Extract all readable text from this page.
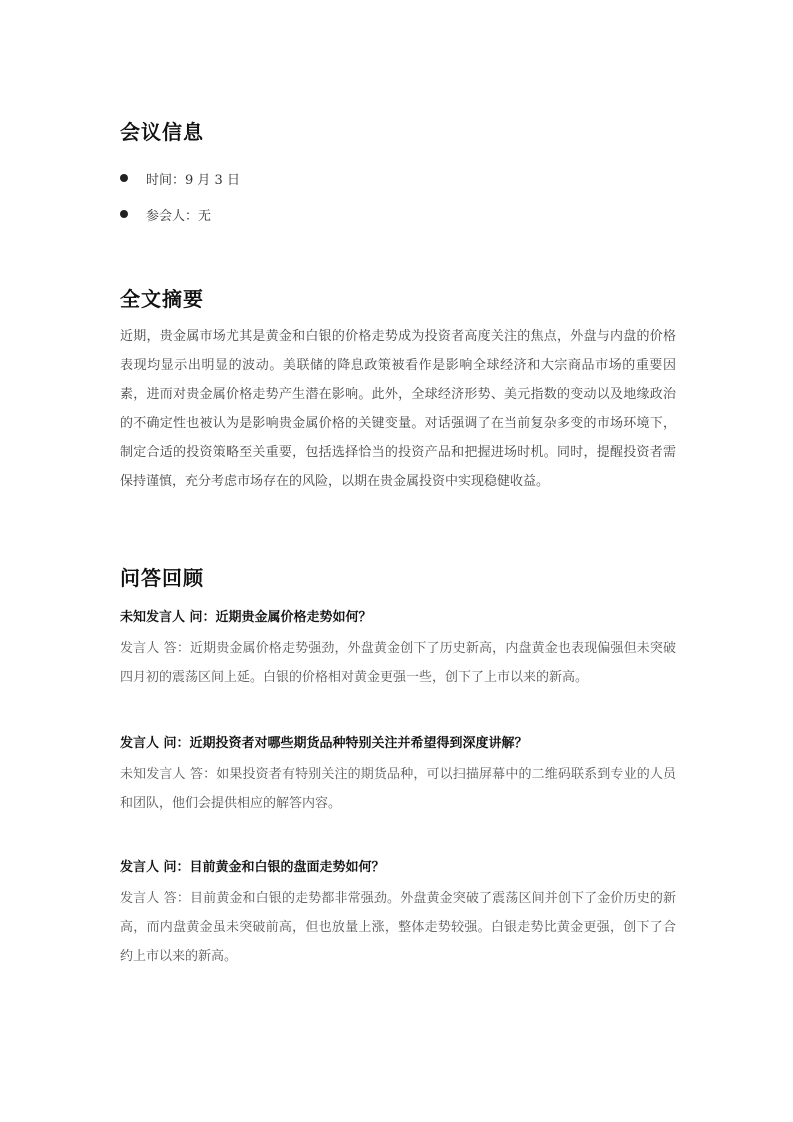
会议信息
时间：9 月 3 日
参会人：无
全文摘要

近期，贵金属市场尤其是黄金和白银的价格走势成为投资者高度关注的焦点，外盘与内盘的价格表现均显示出明显的波动。美联储的降息政策被看作是影响全球经济和大宗商品市场的重要因素，进而对贵金属价格走势产生潜在影响。此外，全球经济形势、美元指数的变动以及地缘政治的不确定性也被认为是影响贵金属价格的关键变量。对话强调了在当前复杂多变的市场环境下，制定合适的投资策略至关重要，包括选择恰当的投资产品和把握进场时机。同时，提醒投资者需保持谨慎，充分考虑市场存在的风险，以期在贵金属投资中实现稳健收益。

问答回顾

未知发言人 问：近期贵金属价格走势如何？

发言人 答：近期贵金属价格走势强劲，外盘黄金创下了历史新高，内盘黄金也表现偏强但未突破四月初的震荡区间上延。白银的价格相对黄金更强一些，创下了上市以来的新高。

发言人 问：近期投资者对哪些期货品种特别关注并希望得到深度讲解？

未知发言人 答：如果投资者有特别关注的期货品种，可以扫描屏幕中的二维码联系到专业的人员和团队，他们会提供相应的解答内容。

发言人 问：目前黄金和白银的盘面走势如何？

发言人 答：目前黄金和白银的走势都非常强劲。外盘黄金突破了震荡区间并创下了金价历史的新高，而内盘黄金虽未突破前高，但也放量上涨，整体走势较强。白银走势比黄金更强，创下了合约上市以来的新高。
